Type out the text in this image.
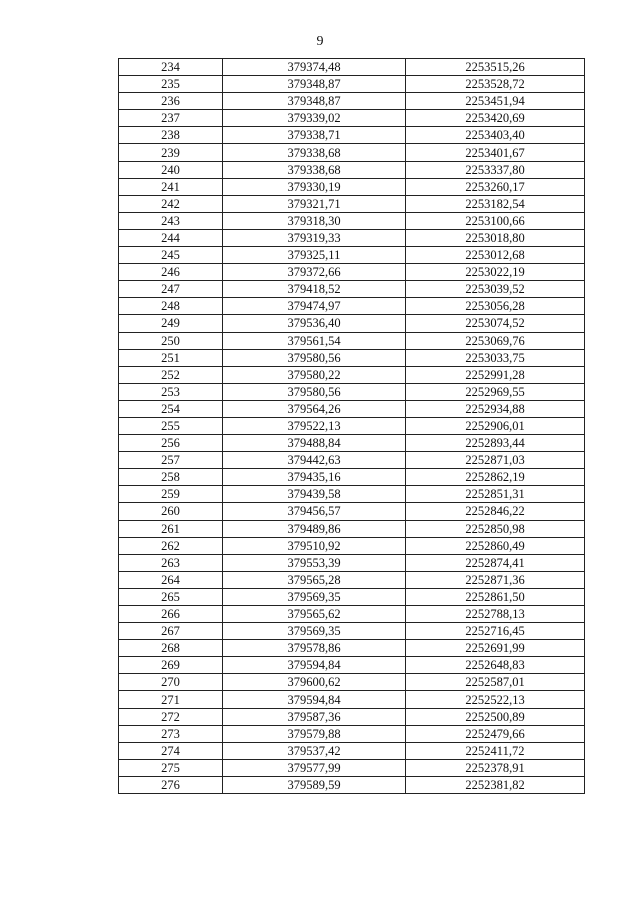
9
234	379374,48	2253515,26
235	379348,87	2253528,72
236	379348,87	2253451,94
237	379339,02	2253420,69
238	379338,71	2253403,40
239	379338,68	2253401,67
240	379338,68	2253337,80
241	379330,19	2253260,17
242	379321,71	2253182,54
243	379318,30	2253100,66
244	379319,33	2253018,80
245	379325,11	2253012,68
246	379372,66	2253022,19
247	379418,52	2253039,52
248	379474,97	2253056,28
249	379536,40	2253074,52
250	379561,54	2253069,76
251	379580,56	2253033,75
252	379580,22	2252991,28
253	379580,56	2252969,55
254	379564,26	2252934,88
255	379522,13	2252906,01
256	379488,84	2252893,44
257	379442,63	2252871,03
258	379435,16	2252862,19
259	379439,58	2252851,31
260	379456,57	2252846,22
261	379489,86	2252850,98
262	379510,92	2252860,49
263	379553,39	2252874,41
264	379565,28	2252871,36
265	379569,35	2252861,50
266	379565,62	2252788,13
267	379569,35	2252716,45
268	379578,86	2252691,99
269	379594,84	2252648,83
270	379600,62	2252587,01
271	379594,84	2252522,13
272	379587,36	2252500,89
273	379579,88	2252479,66
274	379537,42	2252411,72
275	379577,99	2252378,91
276	379589,59	2252381,82
